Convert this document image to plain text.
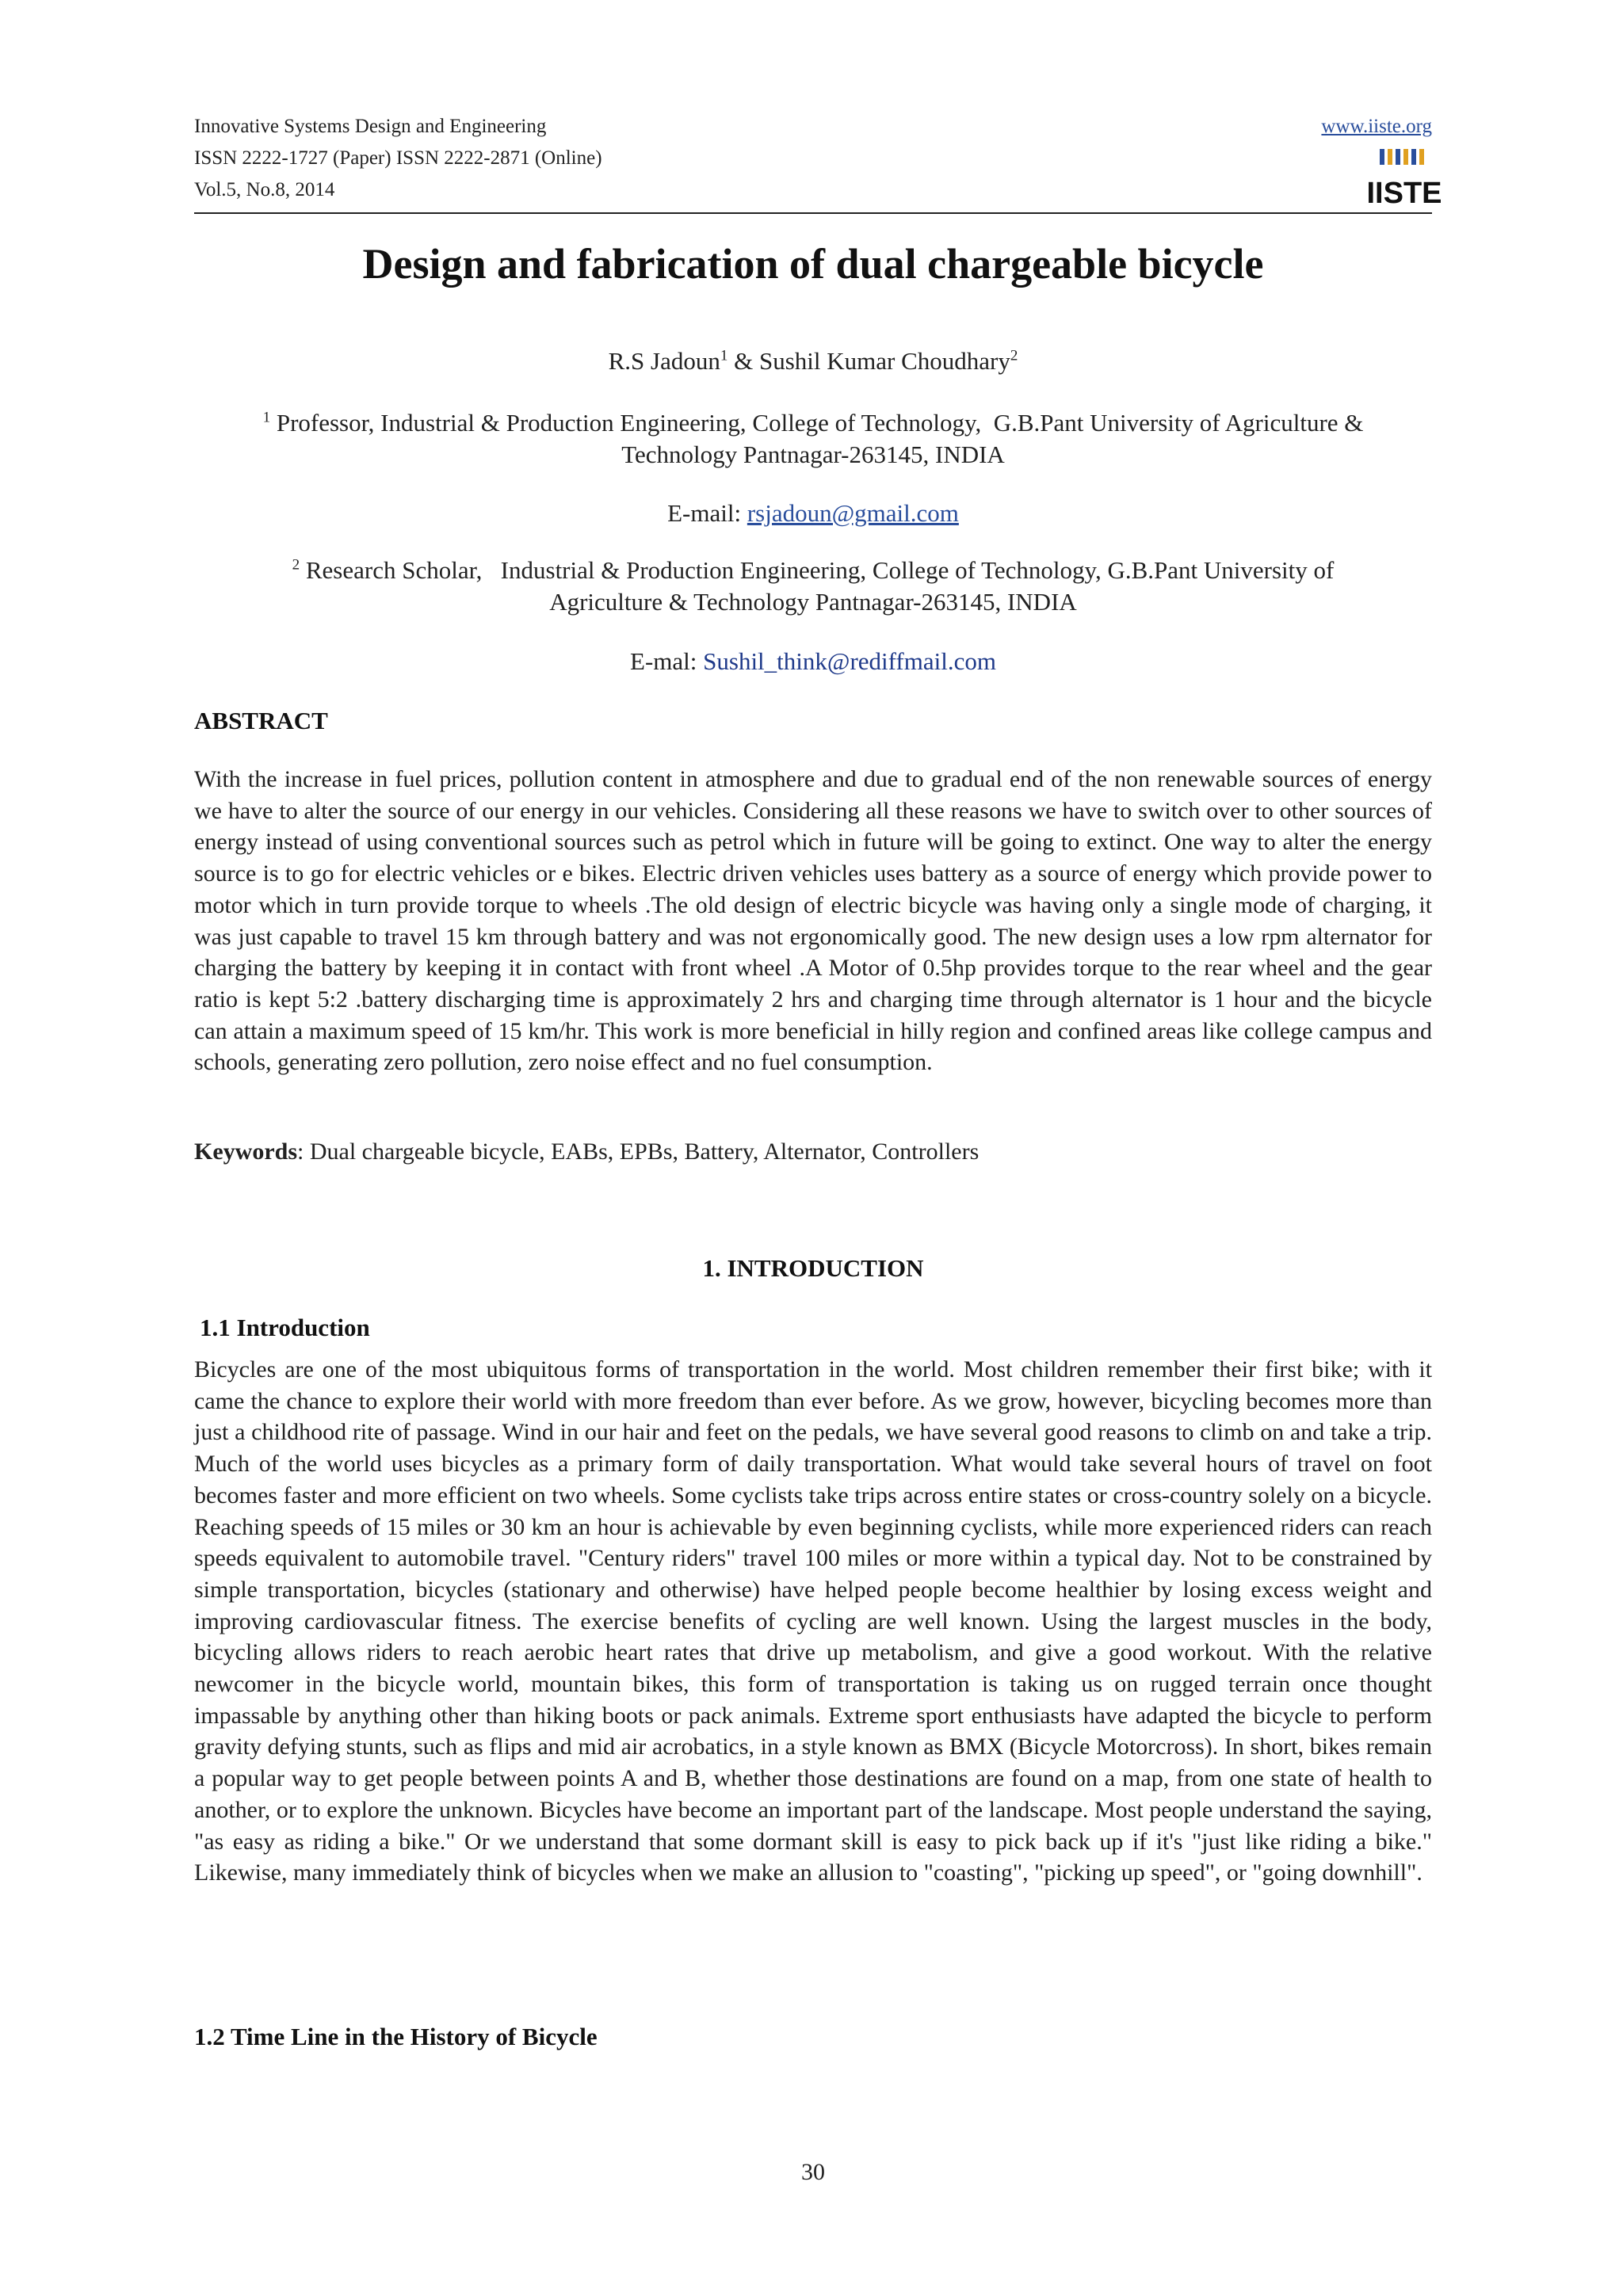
Innovative Systems Design and Engineering
ISSN 2222-1727 (Paper) ISSN 2222-2871 (Online)
Vol.5, No.8, 2014
www.iiste.org
IISTE
Design and fabrication of dual chargeable bicycle
R.S Jadoun$^1$ & Sushil Kumar Choudhary$^2$
$^1$ Professor, Industrial & Production Engineering, College of Technology,  G.B.Pant University of Agriculture &
Technology Pantnagar-263145, INDIA
E-mail: rsjadoun@gmail.com
$^2$ Research Scholar,   Industrial & Production Engineering, College of Technology, G.B.Pant University of
Agriculture & Technology Pantnagar-263145, INDIA
E-mal: Sushil_think@rediffmail.com
ABSTRACT
With the increase in fuel prices, pollution content in atmosphere and due to gradual end of the non renewable sources of energy we have to alter the source of our energy in our vehicles. Considering all these reasons we have to switch over to other sources of energy instead of using conventional sources such as petrol which in future will be going to extinct. One way to alter the energy source is to go for electric vehicles or e bikes. Electric driven vehicles uses battery as a source of energy which provide power to motor which in turn provide torque to wheels .The old design of electric bicycle was having only a single mode of charging, it was just capable to travel 15 km through battery and was not ergonomically good. The new design uses a low rpm alternator for charging the battery by keeping it in contact with front wheel .A Motor of 0.5hp provides torque to the rear wheel and the gear ratio is kept 5:2 .battery discharging time is approximately 2 hrs and charging time through alternator is 1 hour and the bicycle can attain a maximum speed of 15 km/hr. This work is more beneficial in hilly region and confined areas like college campus and schools, generating zero pollution, zero noise effect and no fuel consumption.
Keywords: Dual chargeable bicycle, EABs, EPBs, Battery, Alternator, Controllers
1. INTRODUCTION
1.1 Introduction
Bicycles are one of the most ubiquitous forms of transportation in the world. Most children remember their first bike; with it came the chance to explore their world with more freedom than ever before. As we grow, however, bicycling becomes more than just a childhood rite of passage. Wind in our hair and feet on the pedals, we have several good reasons to climb on and take a trip. Much of the world uses bicycles as a primary form of daily transportation. What would take several hours of travel on foot becomes faster and more efficient on two wheels. Some cyclists take trips across entire states or cross-country solely on a bicycle. Reaching speeds of 15 miles or 30 km an hour is achievable by even beginning cyclists, while more experienced riders can reach speeds equivalent to automobile travel. "Century riders" travel 100 miles or more within a typical day. Not to be constrained by simple transportation, bicycles (stationary and otherwise) have helped people become healthier by losing excess weight and improving cardiovascular fitness. The exercise benefits of cycling are well known. Using the largest muscles in the body, bicycling allows riders to reach aerobic heart rates that drive up metabolism, and give a good workout. With the relative newcomer in the bicycle world, mountain bikes, this form of transportation is taking us on rugged terrain once thought impassable by anything other than hiking boots or pack animals. Extreme sport enthusiasts have adapted the bicycle to perform gravity defying stunts, such as flips and mid air acrobatics, in a style known as BMX (Bicycle Motorcross). In short, bikes remain a popular way to get people between points A and B, whether those destinations are found on a map, from one state of health to another, or to explore the unknown. Bicycles have become an important part of the landscape. Most people understand the saying, "as easy as riding a bike." Or we understand that some dormant skill is easy to pick back up if it's "just like riding a bike." Likewise, many immediately think of bicycles when we make an allusion to "coasting", "picking up speed", or "going downhill".
1.2 Time Line in the History of Bicycle
30
